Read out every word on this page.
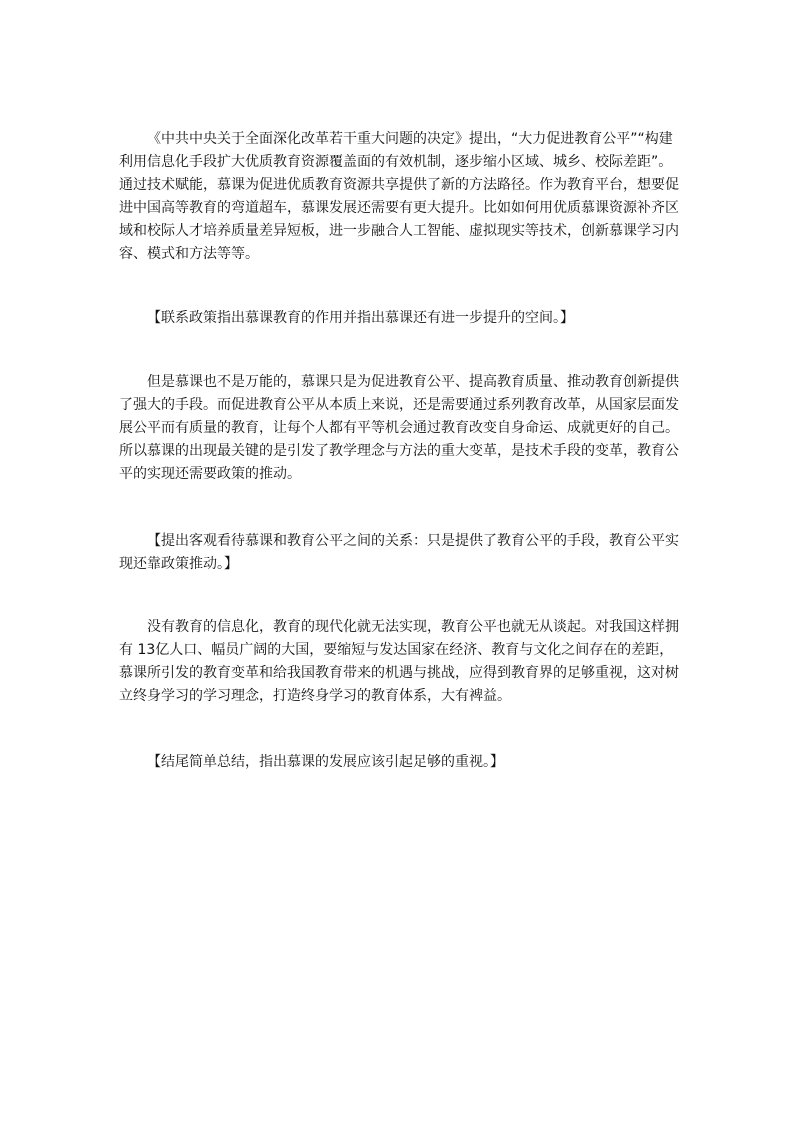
《中共中央关于全面深化改革若干重大问题的决定》提出，“大力促进教育公平”“构建
利用信息化手段扩大优质教育资源覆盖面的有效机制，逐步缩小区域、城乡、校际差距”。
通过技术赋能，慕课为促进优质教育资源共享提供了新的方法路径。作为教育平台，想要促
进中国高等教育的弯道超车，慕课发展还需要有更大提升。比如如何用优质慕课资源补齐区
域和校际人才培养质量差异短板，进一步融合人工智能、虚拟现实等技术，创新慕课学习内
容、模式和方法等等。
【联系政策指出慕课教育的作用并指出慕课还有进一步提升的空间。】
但是慕课也不是万能的，慕课只是为促进教育公平、提高教育质量、推动教育创新提供
了强大的手段。而促进教育公平从本质上来说，还是需要通过系列教育改革，从国家层面发
展公平而有质量的教育，让每个人都有平等机会通过教育改变自身命运、成就更好的自己。
所以慕课的出现最关键的是引发了教学理念与方法的重大变革，是技术手段的变革，教育公
平的实现还需要政策的推动。
【提出客观看待慕课和教育公平之间的关系：只是提供了教育公平的手段，教育公平实
现还靠政策推动。】
没有教育的信息化，教育的现代化就无法实现，教育公平也就无从谈起。对我国这样拥
有 13亿人口、幅员广阔的大国，要缩短与发达国家在经济、教育与文化之间存在的差距，
慕课所引发的教育变革和给我国教育带来的机遇与挑战，应得到教育界的足够重视，这对树
立终身学习的学习理念，打造终身学习的教育体系，大有裨益。
【结尾简单总结，指出慕课的发展应该引起足够的重视。】
